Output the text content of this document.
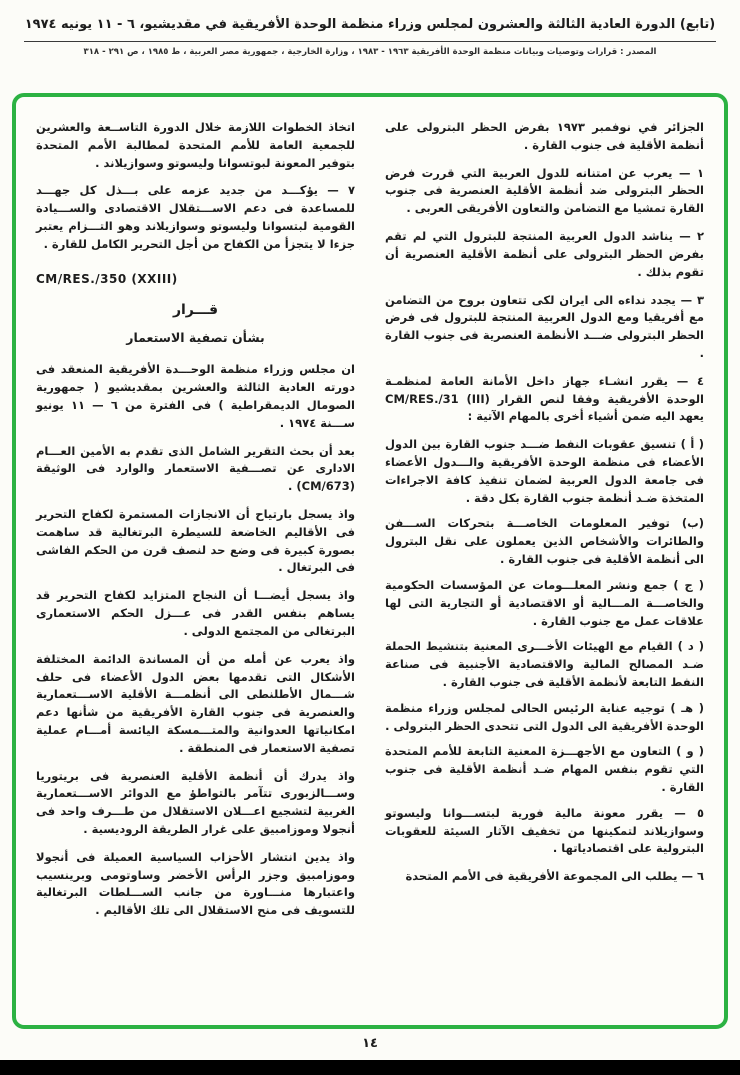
(تابع) الدورة العادية الثالثة والعشرون لمجلس وزراء منظمة الوحدة الأفريقية في مقديشيو، ٦ - ١١ يونيه ١٩٧٤
المصدر : قرارات وتوصيات وبيانات منظمة الوحدة الأفريقية ١٩٦٣ - ١٩٨٣ ، وزارة الخارجية ، جمهورية مصر العربية ، ط ١٩٨٥ ، ص ٢٩١ - ٣١٨

الجزائر في نوفمبر ١٩٧٣ بفرض الحظر البترولى على أنظمة الأقلية فى جنوب القارة .

١ — يعرب عن امتنانه للدول العربية التي قررت فرض الحظر البترولى ضد أنظمة الأقلية العنصرية فى جنوب القارة تمشيا مع التضامن والتعاون الأفريقى العربى .

٢ — يناشد الدول العربية المنتجة للبترول التي لم تقم بفرض الحظر البترولى على أنظمة الأقلية العنصرية أن تقوم بذلك .

٣ — يجدد نداءه الى ايران لكى تتعاون بروح من التضامن مع أفريقيا ومع الدول العربية المنتجة للبترول فى فرض الحظر البترولى ضـــد الأنظمة العنصرية فى جنوب القارة .

٤ — يقرر انشـاء جهاز داخل الأمانة العامة لمنظمـة الوحدة الأفريقية وفقا لنص القرار ‎CM/RES./31 (III)‎ يعهد اليه ضمن أشياء أخرى بالمهام الآتية :

( أ ) تنسيق عقوبات النفط ضـــد جنوب القارة بين الدول الأعضاء فى منظمة الوحدة الأفريقية والـــدول الأعضاء فى جامعة الدول العربية لضمان تنفيذ كافة الاجراءات المتخذة ضـد أنظمة جنوب القارة بكل دقة .

(ب) توفير المعلومات الخاصـــة بتحركات الســـفن والطائرات والأشخاص الذين يعملون على نقل البترول الى أنظمة الأقلية فى جنوب القارة .

( ج ) جمع ونشر المعلـــومات عن المؤسسات الحكومية والخاصـــة المـــالية أو الاقتصادية أو التجارية التى لها علاقات عمل مع جنوب القارة .

( د ) القيام مع الهيئات الأخـــرى المعنية بتنشيط الحملة ضـد المصالح المالية والاقتصادية الأجنبية فى صناعة النفط التابعة لأنظمة الأقلية فى جنوب القارة .

( هـ ) توجيه عناية الرئيس الحالى لمجلس وزراء منظمة الوحدة الأفريقية الى الدول التى تتحدى الحظر البترولى .

( و ) التعاون مع الأجهـــزة المعنية التابعة للأمم المتحدة التي تقوم بنفس المهام ضـد أنظمة الأقلية فى جنوب القارة .

٥ — يقرر معونة مالية فورية لبتســـوانا وليسوتو وسوازيلاند لتمكينها من تخفيف الآثار السيئة للعقوبات البترولية على اقتصادياتها .

٦ — يطلب الى المجموعة الأفريقية فى الأمم المتحدة

اتخاذ الخطوات اللازمة خلال الدورة التاســعة والعشرين للجمعية العامة للأمم المتحدة لمطالبة الأمم المتحدة بتوفير المعونة لبوتسوانا وليسوتو وسوازيلاند .

٧ — يؤكـــد من جديد عزمه على بـــذل كل جهـــد للمساعدة فى دعم الاســـتقلال الاقتصادى والســـيادة القومية لبتسوانا وليسوتو وسوازيلاند وهو التـــزام يعتبر جزءا لا يتجزأ من الكفاح من أجل التحرير الكامل للقارة .

CM/RES./350 (XXIII)
قـــرار
بشأن تصفية الاستعمار

ان مجلس وزراء منظمة الوحـــدة الأفريقية المنعقد فى دورته العادية الثالثة والعشرين بمقديشيو ( جمهورية الصومال الديمقراطية ) فى الفترة من ٦ — ١١ يونيو ســـنة ١٩٧٤ .

بعد أن بحث التقرير الشامل الذى تقدم به الأمين العـــام الادارى عن تصـــفية الاستعمار والوارد فى الوثيقة (CM/673) .

واذ يسجل بارتياح أن الانجازات المستمرة لكفاح التحرير فى الأقاليم الخاضعة للسيطرة البرتغالية قد ساهمت بصورة كبيرة فى وضع حد لنصف قرن من الحكم الفاشى فى البرتغال .

واذ يسجل أيضـــا أن النجاح المتزايد لكفاح التحرير قد يساهم بنفس القدر فى عـــزل الحكم الاستعمارى البرتغالى من المجتمع الدولى .

واذ يعرب عن أمله من أن المساندة الدائمة المختلفة الأشكال التى تقدمها بعض الدول الأعضاء فى حلف شـــمال الأطلنطى الى أنظمـــة الأقلية الاســـتعمارية والعنصرية فى جنوب القارة الأفريقية من شأنها دعم امكانياتها العدوانية والمتـــمسكة اليائسة أمـــام عملية تصفية الاستعمار فى المنطقة .

واذ يدرك أن أنظمة الأقلية العنصرية فى بريتوريا وســـالزبورى تتآمر بالتواطؤ مع الدوائر الاســـتعمارية الغربية لتشجيع اعـــلان الاستقلال من طـــرف واحد فى أنجولا وموزامبيق على غرار الطريقة الروديسية .

واذ يدين انتشار الأحزاب السياسية العميلة فى أنجولا وموزامبيق وجزر الرأس الأخضر وساوتومى وبرينسيب واعتبارها منـــاورة من جانب الســـلطات البرتغالية للتسويف فى منح الاستقلال الى تلك الأقاليم .

١٤
